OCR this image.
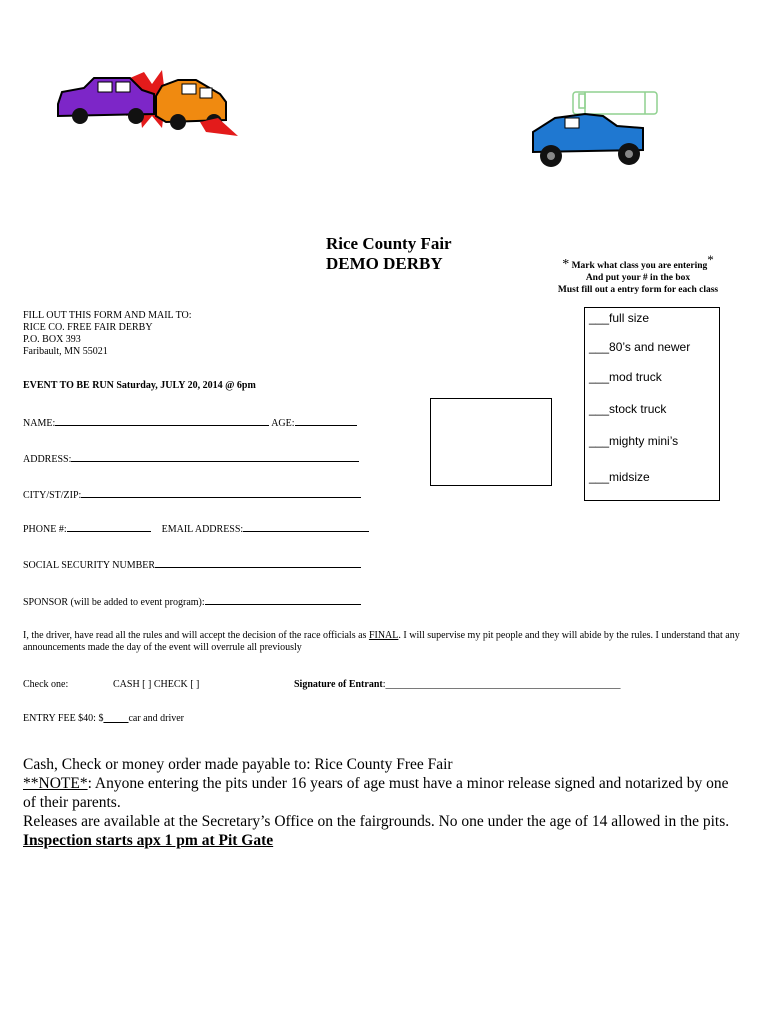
Rice County Fair
DEMO DERBY	* Mark what class you are entering*
And put your # in the box
Must fill out a entry form for each class
FILL OUT THIS FORM AND MAIL TO:
RICE CO. FREE FAIR DERBY
P.O. BOX 393
Faribault, MN 55021
EVENT TO BE RUN Saturday, JULY 20, 2014 @ 6pm
___full size
___80’s and newer
___mod truck
___stock truck
___mighty mini’s
___midsize
NAME:	AGE:
ADDRESS:
CITY/ST/ZIP:
PHONE #:	EMAIL ADDRESS:
SOCIAL SECURITY NUMBER
SPONSOR (will be added to event program):
I, the driver, have read all the rules and will accept the decision of the race officials as FINAL. I will supervise my pit people and they will abide by the rules. I understand that any announcements made the day of the event will overrule all previously
Check one:	CASH [ ] CHECK [ ]	Signature of Entrant:_______________________________________________
ENTRY FEE $40: $_____car and driver
Cash, Check or money order made payable to: Rice County Free Fair
**NOTE*: Anyone entering the pits under 16 years of age must have a minor release signed and notarized by one of their parents.
Releases are available at the Secretary’s Office on the fairgrounds. No one under the age of 14 allowed in the pits.
Inspection starts apx 1 pm at Pit Gate
